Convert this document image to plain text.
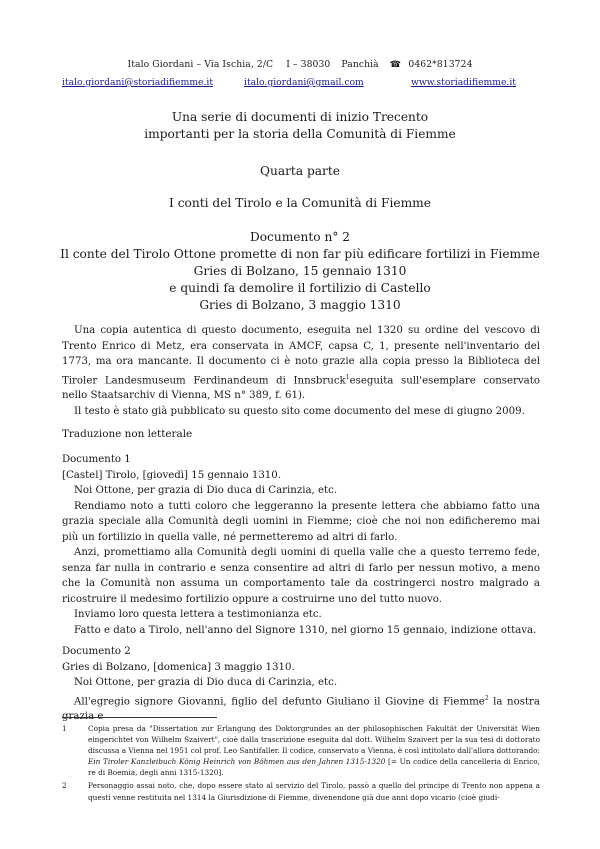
Italo Giordani – Via Ischia, 2/C I – 38030 Panchià ☎ 0462*813724
italo.giordani@storiadifiemme.it	italo.giordani@gmail.com	www.storiadifiemme.it
Una serie di documenti di inizio Trecento
importanti per la storia della Comunità di Fiemme
Quarta parte
I conti del Tirolo e la Comunità di Fiemme
Documento n° 2
Il conte del Tirolo Ottone promette di non far più edificare fortilizi in Fiemme
Gries di Bolzano, 15 gennaio 1310
e quindi fa demolire il fortilizio di Castello
Gries di Bolzano, 3 maggio 1310

Una copia autentica di questo documento, eseguita nel 1320 su ordine del vescovo di Trento Enrico di Metz, era conservata in AMCF, capsa C, 1, presente nell'inventario del 1773, ma ora mancante. Il documento ci è noto grazie alla copia presso la Biblioteca del Tiroler Landesmuseum Ferdinandeum di Innsbruck$^1$eseguita sull'esemplare conservato nello Staatsarchiv di Vienna, MS n° 389, f. 61).

Il testo è stato già pubblicato su questo sito come documento del mese di giugno 2009.

Traduzione non letterale

Documento 1

[Castel] Tirolo, [giovedì] 15 gennaio 1310.

Noi Ottone, per grazia di Dio duca di Carinzia, etc.

Rendiamo noto a tutti coloro che leggeranno la presente lettera che abbiamo fatto una grazia speciale alla Comunità degli uomini in Fiemme; cioè che noi non edificheremo mai più un fortilizio in quella valle, né permetteremo ad altri di farlo.

Anzi, promettiamo alla Comunità degli uomini di quella valle che a questo terremo fede, senza far nulla in contrario e senza consentire ad altri di farlo per nessun motivo, a meno che la Comunità non assuma un comportamento tale da costringerci nostro malgrado a ricostruire il medesimo fortilizio oppure a costruirne uno del tutto nuovo.

Inviamo loro questa lettera a testimonianza etc.

Fatto e dato a Tirolo, nell'anno del Signore 1310, nel giorno 15 gennaio, indizione ottava.

Documento 2

Gries di Bolzano, [domenica] 3 maggio 1310.

Noi Ottone, per grazia di Dio duca di Carinzia, etc.

All'egregio signore Giovanni, figlio del defunto Giuliano il Giovine di Fiemme$^2$ la nostra grazia e

1	Copia presa da "Dissertation zur Erlangung des Doktorgrundes an der philosophischen Fakultät der Universität Wien eingerichtet von Wilhelm Szaivert", cioè dalla trascrizione eseguita dal dott. Wilhelm Szaivert per la sua tesi di dottorato discussa a Vienna nel 1951 col prof. Leo Santifaller. Il codice, conservato a Vienna, è così intitolato dall'allora dottorando: Ein Tiroler Kanzleibuch König Heinrich von Böhmen aus den Jahren 1315-1320 [= Un codice della cancelleria di Enrico, re di Boemia, degli anni 1315-1320].
2	Personaggio assai noto, che, dopo essere stato al servizio del Tirolo, passò a quello del principe di Trento non appena a questi venne restituita nel 1314 la Giurisdizione di Fiemme, divenendone già due anni dopo vicario (cioè giudi-
